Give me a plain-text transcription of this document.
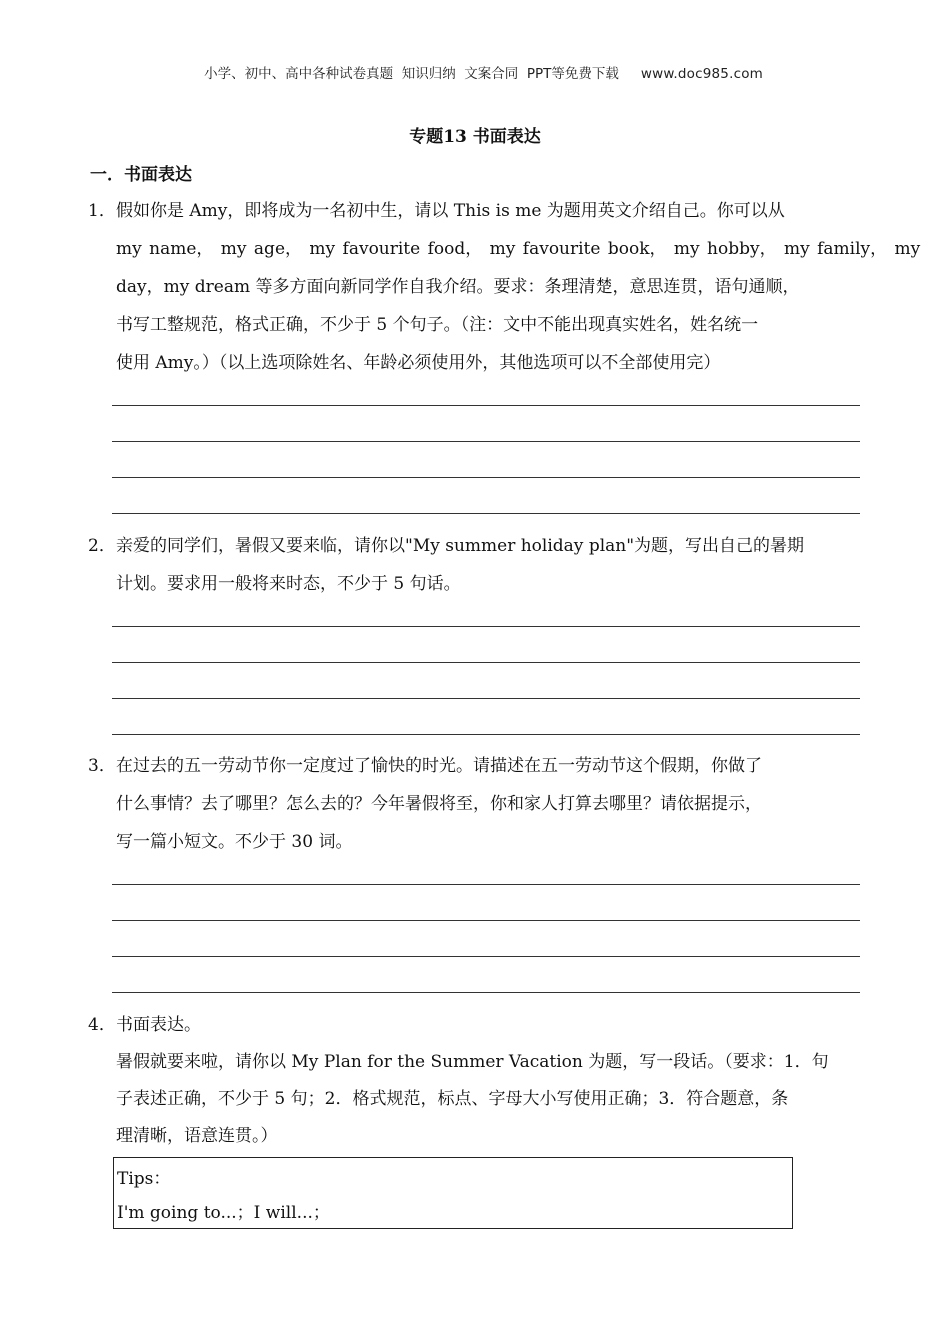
小学、初中、高中各种试卷真题  知识归纳  文案合同  PPT等免费下载 www.doc985.com

专题13 书面表达
一．书面表达
1． 假如你是 Amy，即将成为一名初中生，请以 This is me 为题用英文介绍自己。你可以从
my name， my age， my favourite food， my favourite book， my hobby， my family， my
day，my dream 等多方面向新同学作自我介绍。要求：条理清楚，意思连贯，语句通顺，
书写工整规范，格式正确，不少于 5 个句子。（注：文中不能出现真实姓名，姓名统一
使用 Amy。）（以上选项除姓名、年龄必须使用外，其他选项可以不全部使用完）
2． 亲爱的同学们，暑假又要来临，请你以"My summer holiday plan"为题，写出自己的暑期
计划。要求用一般将来时态，不少于 5 句话。
3． 在过去的五一劳动节你一定度过了愉快的时光。请描述在五一劳动节这个假期，你做了
什么事情？去了哪里？怎么去的？今年暑假将至，你和家人打算去哪里？请依据提示，
写一篇小短文。不少于 30 词。
4． 书面表达。
暑假就要来啦，请你以 My Plan for the Summer Vacation 为题，写一段话。（要求：1．句
子表述正确，不少于 5 句；2．格式规范，标点、字母大小写使用正确；3．符合题意，条
理清晰，语意连贯。）
Tips：
I'm going to...；I will...；
